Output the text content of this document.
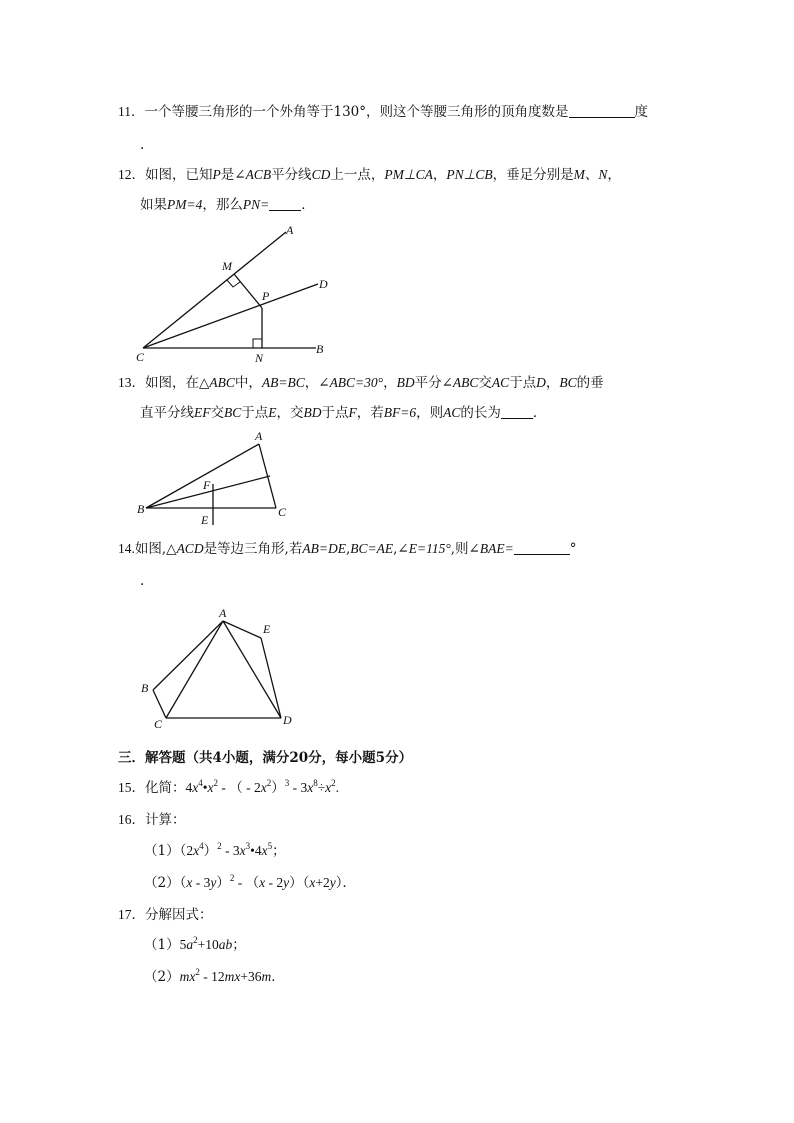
11．一个等腰三角形的一个外角等于130°，则这个等腰三角形的顶角度数是	度
.
12．如图，已知P是∠ACB平分线CD上一点，PM⊥CA，PN⊥CB，垂足分别是M、N，
如果PM=4，那么PN= ．
A
M
D
P
C	N
B
13．如图，在△ABC中，AB=BC，∠ABC=30°，BD平分∠ABC交AC于点D，BC的垂
直平分线EF交BC于点E，交BD于点F，若BF=6，则AC的长为 ．
A
F
B	C
E
14.如图,△ACD是等边三角形,若AB=DE,BC=AE,∠E=115°,则∠BAE=	°
.
A
E
B
C	D
三．解答题（共4小题，满分20分，每小题5分）
15．化简：$4x^4•x^2$ - （ - $2x^2)^3 - 3x^8\div x^2$.
16．计算：
$(1)(2x^4)^2$ - $3x^3•4x^5$；
（2）（x - 3y）$^2$ - （x - 2y）（x+2y）．
17．分解因式：
$(1)5a^2+10ab$；
$(2)mx^2 - 12mx+36m$．
